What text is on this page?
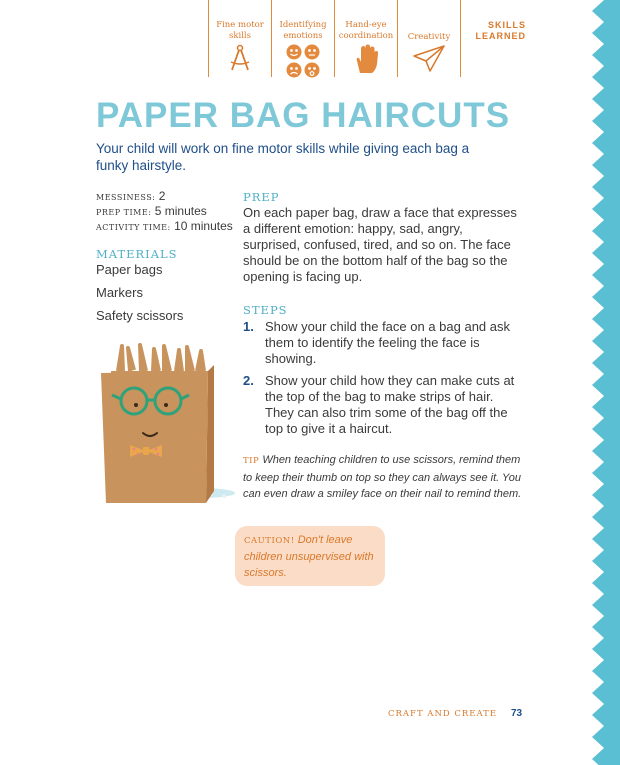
Fine motor skills
Identifying emotions
Hand-eye coordination	Creativity
SKILLS LEARNED
PAPER BAG HAIRCUTS
Your child will work on fine motor skills while giving each bag a funky hairstyle.
MESSINESS: 2
PREP TIME: 5 minutes
ACTIVITY TIME: 10 minutes
MATERIALS
Paper bags
Markers
Safety scissors
PREP
On each paper bag, draw a face that expresses a different emotion: happy, sad, angry, surprised, confused, tired, and so on. The face should be on the bottom half of the bag so the opening is facing up.
STEPS
1. Show your child the face on a bag and ask them to identify the feeling the face is showing.
2. Show your child how they can make cuts at the top of the bag to make strips of hair. They can also trim some of the bag off the top to give it a haircut.
TIP When teaching children to use scissors, remind them to keep their thumb on top so they can always see it. You can even draw a smiley face on their nail to remind them.
CAUTION! Don't leave children unsupervised with scissors.
CRAFT AND CREATE 73
